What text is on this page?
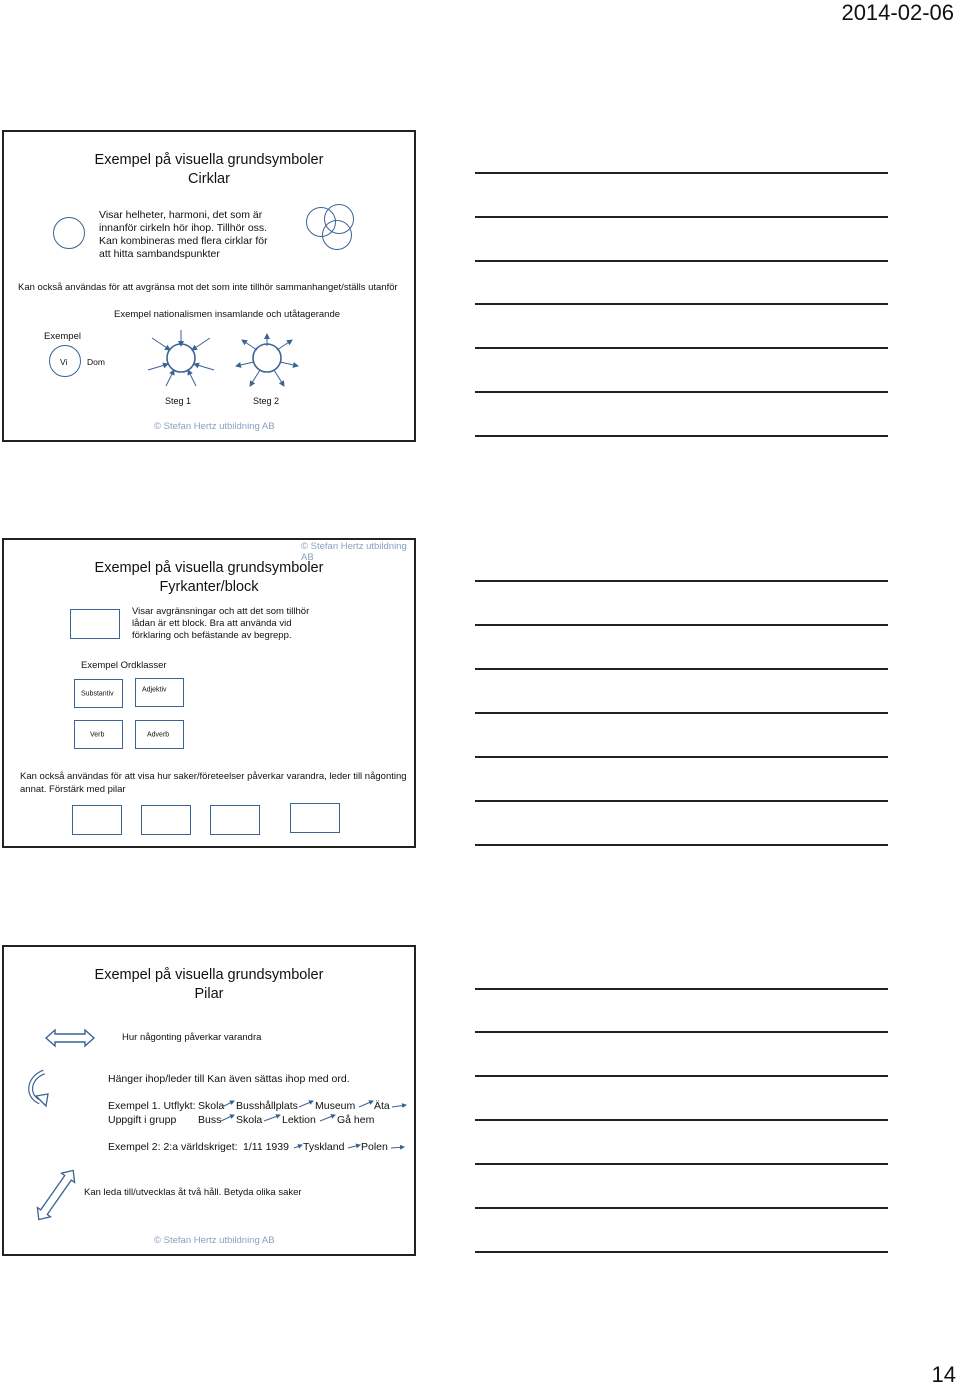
2014-02-06
Exempel på visuella grundsymboler
Cirklar
Visar helheter, harmoni, det som är
innanför cirkeln hör ihop. Tillhör oss.
Kan kombineras med flera cirklar för
att hitta sambandspunkter
Kan också användas för att avgränsa mot det som inte tillhör sammanhanget/ställs utanför
Exempel nationalismen insamlande och utåtagerande
Exempel
Vi Dom
Steg 1	Steg 2
© Stefan Hertz utbildning AB
© Stefan Hertz utbildning AB
Exempel på visuella grundsymboler
Fyrkanter/block
Visar avgränsningar och att det som tillhör
lådan är ett block. Bra att använda vid
förklaring och befästande av begrepp.
Exempel Ordklasser
Substantiv
Adjektiv
Verb	Adverb
Kan också användas för att visa hur saker/företeelser påverkar varandra, leder till någonting
annat. Förstärk med pilar
Exempel på visuella grundsymboler
Pilar
Hur någonting påverkar varandra
Hänger ihop/leder till Kan även sättas ihop med ord.
Exempel 1. Utflykt: Skola Busshållplats Museum Äta
Uppgift i grupp Buss Skola Lektion Gå hem
Exempel 2: 2:a världskriget: 1/11 1939 Tyskland Polen
Kan leda till/utvecklas åt två håll. Betyda olika saker
© Stefan Hertz utbildning AB
14
